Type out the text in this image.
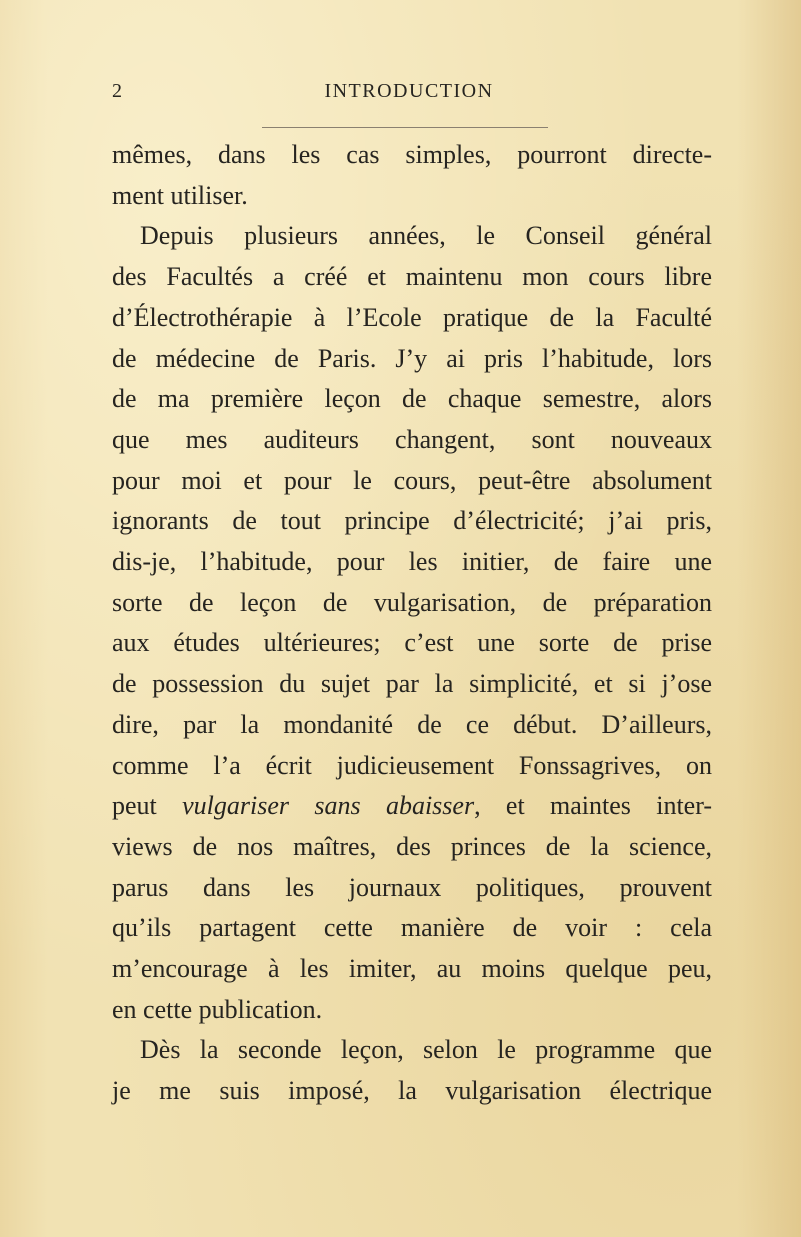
2	INTRODUCTION
mêmes, dans les cas simples, pourront directe-
ment utiliser.
Depuis plusieurs années, le Conseil général
des Facultés a créé et maintenu mon cours libre
d’Électrothérapie à l’Ecole pratique de la Faculté
de médecine de Paris. J’y ai pris l’habitude, lors
de ma première leçon de chaque semestre, alors
que mes auditeurs changent, sont nouveaux
pour moi et pour le cours, peut-être absolument
ignorants de tout principe d’électricité; j’ai pris,
dis-je, l’habitude, pour les initier, de faire une
sorte de leçon de vulgarisation, de préparation
aux études ultérieures; c’est une sorte de prise
de possession du sujet par la simplicité, et si j’ose
dire, par la mondanité de ce début. D’ailleurs,
comme l’a écrit judicieusement Fonssagrives, on
peut vulgariser sans abaisser, et maintes inter-
views de nos maîtres, des princes de la science,
parus dans les journaux politiques, prouvent
qu’ils partagent cette manière de voir : cela
m’encourage à les imiter, au moins quelque peu,
en cette publication.
Dès la seconde leçon, selon le programme que
je me suis imposé, la vulgarisation électrique
